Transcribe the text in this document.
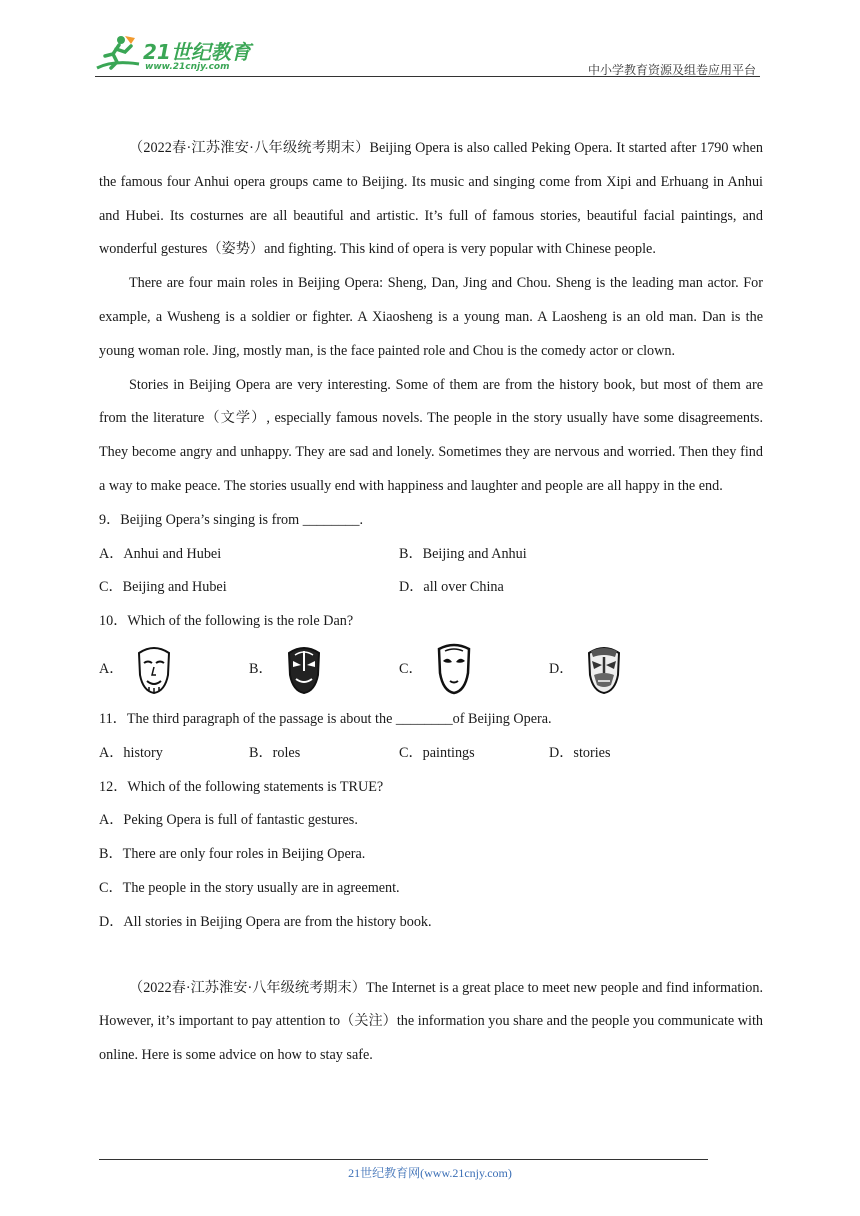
21世纪教育
www.21cnjy.com	中小学教育资源及组卷应用平台

（2022春·江苏淮安·八年级统考期末）Beijing Opera is also called Peking Opera. It started after 1790 when the famous four Anhui opera groups came to Beijing. Its music and singing come from Xipi and Erhuang in Anhui and Hubei. Its costurnes are all beautiful and artistic. It’s full of famous stories, beautiful facial paintings, and wonderful gestures（姿势）and fighting. This kind of opera is very popular with Chinese people.

There are four main roles in Beijing Opera: Sheng, Dan, Jing and Chou. Sheng is the leading man actor. For example, a Wusheng is a soldier or fighter. A Xiaosheng is a young man. A Laosheng is an old man. Dan is the young woman role. Jing, mostly man, is the face painted role and Chou is the comedy actor or clown.

Stories in Beijing Opera are very interesting. Some of them are from the history book, but most of them are from the literature（文学）, especially famous novels. The people in the story usually have some disagreements. They become angry and unhappy. They are sad and lonely. Sometimes they are nervous and worried. Then they find a way to make peace. The stories usually end with happiness and laughter and people are all happy in the end.

9．Beijing Opera’s singing is from ________.

A．Anhui and Hubei	B．Beijing and Anhui
C．Beijing and Hubei	D．all over China

10．Which of the following is the role Dan?

A．	B．	C．	D．

11．The third paragraph of the passage is about the ________of Beijing Opera.

A．history	B．roles	C．paintings	D．stories

12．Which of the following statements is TRUE?

A．Peking Opera is full of fantastic gestures.

B．There are only four roles in Beijing Opera.

C．The people in the story usually are in agreement.

D．All stories in Beijing Opera are from the history book.

（2022春·江苏淮安·八年级统考期末）The Internet is a great place to meet new people and find information. However, it’s important to pay attention to（关注）the information you share and the people you communicate with online. Here is some advice on how to stay safe.

21世纪教育网(www.21cnjy.com)
